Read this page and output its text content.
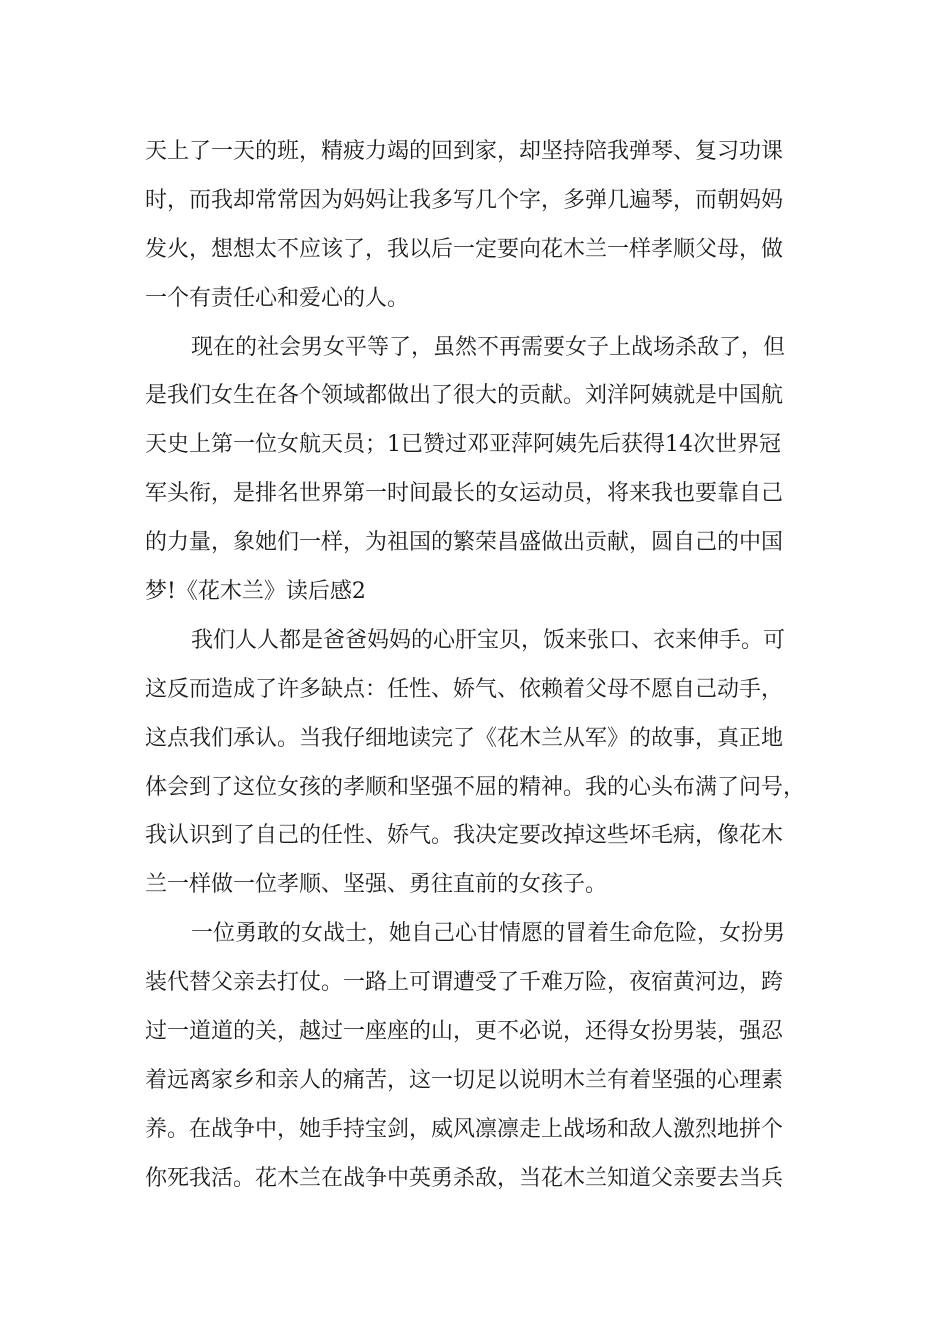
天上了一天的班，精疲力竭的回到家，却坚持陪我弹琴、复习功课
时，而我却常常因为妈妈让我多写几个字，多弹几遍琴，而朝妈妈
发火，想想太不应该了，我以后一定要向花木兰一样孝顺父母，做
一个有责任心和爱心的人。
现在的社会男女平等了，虽然不再需要女子上战场杀敌了，但
是我们女生在各个领域都做出了很大的贡献。刘洋阿姨就是中国航
天史上第一位女航天员；1已赞过邓亚萍阿姨先后获得14次世界冠
军头衔，是排名世界第一时间最长的女运动员，将来我也要靠自己
的力量，象她们一样，为祖国的繁荣昌盛做出贡献，圆自己的中国
梦!《花木兰》读后感2
我们人人都是爸爸妈妈的心肝宝贝，饭来张口、衣来伸手。可
这反而造成了许多缺点：任性、娇气、依赖着父母不愿自己动手，
这点我们承认。当我仔细地读完了《花木兰从军》的故事，真正地
体会到了这位女孩的孝顺和坚强不屈的精神。我的心头布满了问号，
我认识到了自己的任性、娇气。我决定要改掉这些坏毛病，像花木
兰一样做一位孝顺、坚强、勇往直前的女孩子。
一位勇敢的女战士，她自己心甘情愿的冒着生命危险，女扮男
装代替父亲去打仗。一路上可谓遭受了千难万险，夜宿黄河边，跨
过一道道的关，越过一座座的山，更不必说，还得女扮男装，强忍
着远离家乡和亲人的痛苦，这一切足以说明木兰有着坚强的心理素
养。在战争中，她手持宝剑，威风凛凛走上战场和敌人激烈地拼个
你死我活。花木兰在战争中英勇杀敌，当花木兰知道父亲要去当兵
